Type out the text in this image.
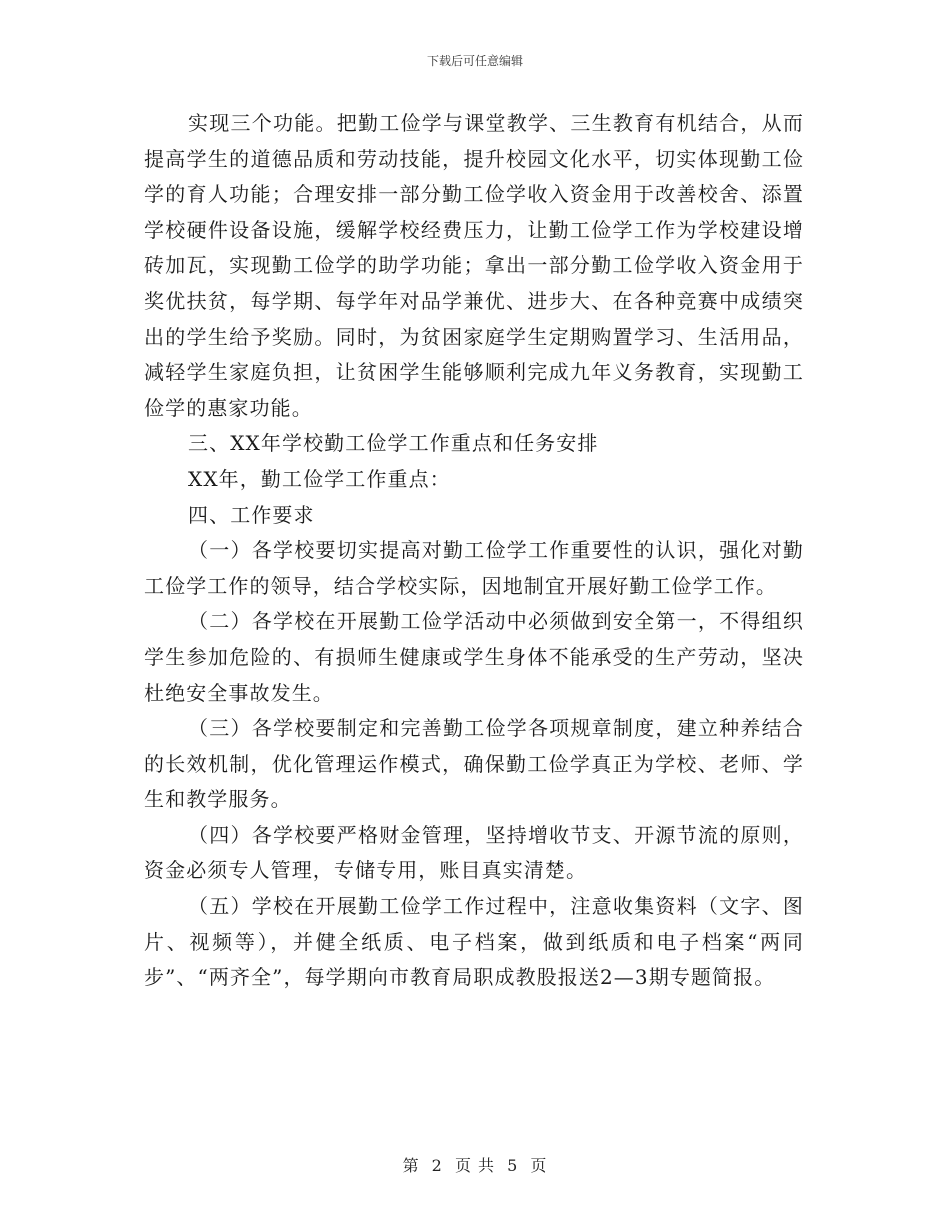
下载后可任意编辑

实现三个功能。把勤工俭学与课堂教学、三生教育有机结合，从而提高学生的道德品质和劳动技能，提升校园文化水平，切实体现勤工俭学的育人功能；合理安排一部分勤工俭学收入资金用于改善校舍、添置学校硬件设备设施，缓解学校经费压力，让勤工俭学工作为学校建设增砖加瓦，实现勤工俭学的助学功能；拿出一部分勤工俭学收入资金用于奖优扶贫，每学期、每学年对品学兼优、进步大、在各种竞赛中成绩突出的学生给予奖励。同时，为贫困家庭学生定期购置学习、生活用品，减轻学生家庭负担，让贫困学生能够顺利完成九年义务教育，实现勤工俭学的惠家功能。

三、XX年学校勤工俭学工作重点和任务安排

XX年，勤工俭学工作重点：

四、工作要求

（一）各学校要切实提高对勤工俭学工作重要性的认识，强化对勤工俭学工作的领导，结合学校实际，因地制宜开展好勤工俭学工作。

（二）各学校在开展勤工俭学活动中必须做到安全第一，不得组织学生参加危险的、有损师生健康或学生身体不能承受的生产劳动，坚决杜绝安全事故发生。

（三）各学校要制定和完善勤工俭学各项规章制度，建立种养结合的长效机制，优化管理运作模式，确保勤工俭学真正为学校、老师、学生和教学服务。

（四）各学校要严格财金管理，坚持增收节支、开源节流的原则，资金必须专人管理，专储专用，账目真实清楚。

（五）学校在开展勤工俭学工作过程中，注意收集资料（文字、图片、视频等），并健全纸质、电子档案，做到纸质和电子档案“两同步”、“两齐全”，每学期向市教育局职成教股报送2—3期专题简报。

第 2 页 共 5 页
